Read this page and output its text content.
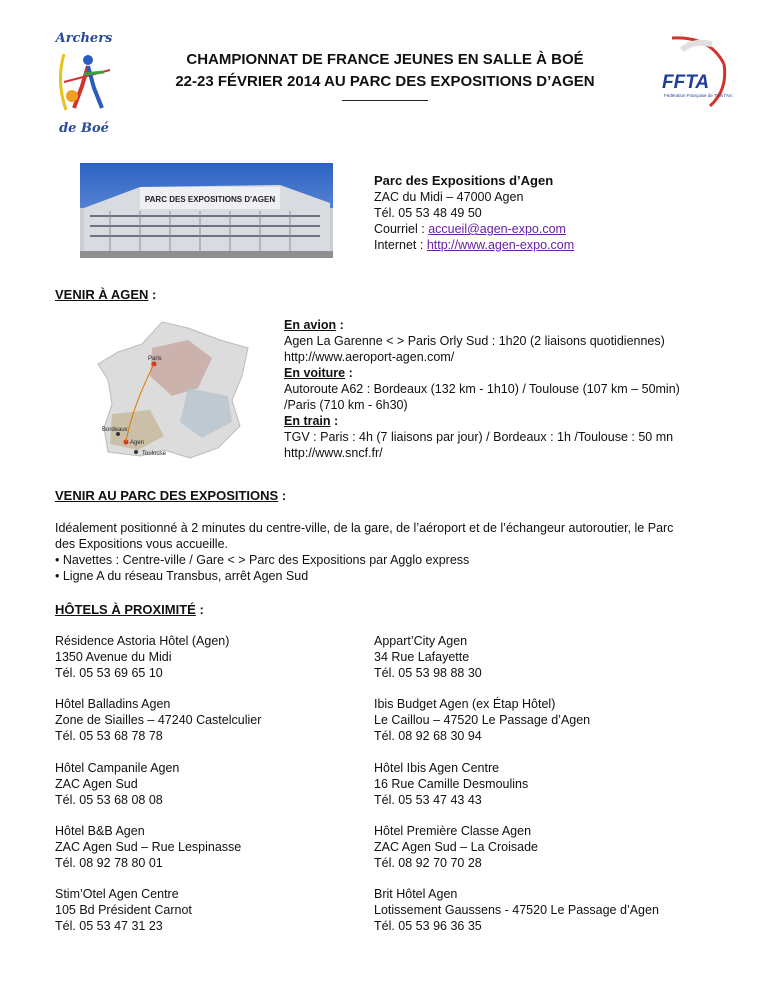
Archers
de Boé
FFTA
Fédération Française de Tir à l'Arc
CHAMPIONNAT DE FRANCE JEUNES EN SALLE À BOÉ
22-23 FÉVRIER 2014 AU PARC DES EXPOSITIONS D’AGEN
PARC DES EXPOSITIONS D'AGEN
Parc des Expositions d’Agen
ZAC du Midi – 47000 Agen
Tél. 05 53 48 49 50
Courriel : accueil@agen-expo.com
Internet : http://www.agen-expo.com
VENIR À AGEN :
Paris
Bordeaux
Agen
Toulouse
En avion :
Agen La Garenne < > Paris Orly Sud : 1h20 (2 liaisons quotidiennes)
http://www.aeroport-agen.com/
En voiture :
Autoroute A62 : Bordeaux (132 km - 1h10) / Toulouse (107 km – 50min)
/Paris (710 km - 6h30)
En train :
TGV : Paris : 4h (7 liaisons par jour) / Bordeaux : 1h /Toulouse : 50 mn
http://www.sncf.fr/
VENIR AU PARC DES EXPOSITIONS :
Idéalement positionné à 2 minutes du centre-ville, de la gare, de l’aéroport et de l’échangeur autoroutier, le Parc
des Expositions vous accueille.
• Navettes : Centre-ville / Gare < > Parc des Expositions par Agglo express
• Ligne A du réseau Transbus, arrêt Agen Sud
HÔTELS À PROXIMITÉ :
Résidence Astoria Hôtel (Agen)
1350 Avenue du Midi
Tél. 05 53 69 65 10
Appart’City Agen
34 Rue Lafayette
Tél. 05 53 98 88 30
Hôtel Balladins Agen
Zone de Siailles – 47240 Castelculier
Tél. 05 53 68 78 78
Ibis Budget Agen (ex Étap Hôtel)
Le Caillou – 47520 Le Passage d’Agen
Tél. 08 92 68 30 94
Hôtel Campanile Agen
ZAC Agen Sud
Tél. 05 53 68 08 08
Hôtel Ibis Agen Centre
16 Rue Camille Desmoulins
Tél. 05 53 47 43 43
Hôtel B&B Agen
ZAC Agen Sud – Rue Lespinasse
Tél. 08 92 78 80 01
Hôtel Première Classe Agen
ZAC Agen Sud – La Croisade
Tél. 08 92 70 70 28
Stim’Otel Agen Centre
105 Bd Président Carnot
Tél. 05 53 47 31 23
Brit Hôtel Agen
Lotissement Gaussens - 47520 Le Passage d’Agen
Tél. 05 53 96 36 35
